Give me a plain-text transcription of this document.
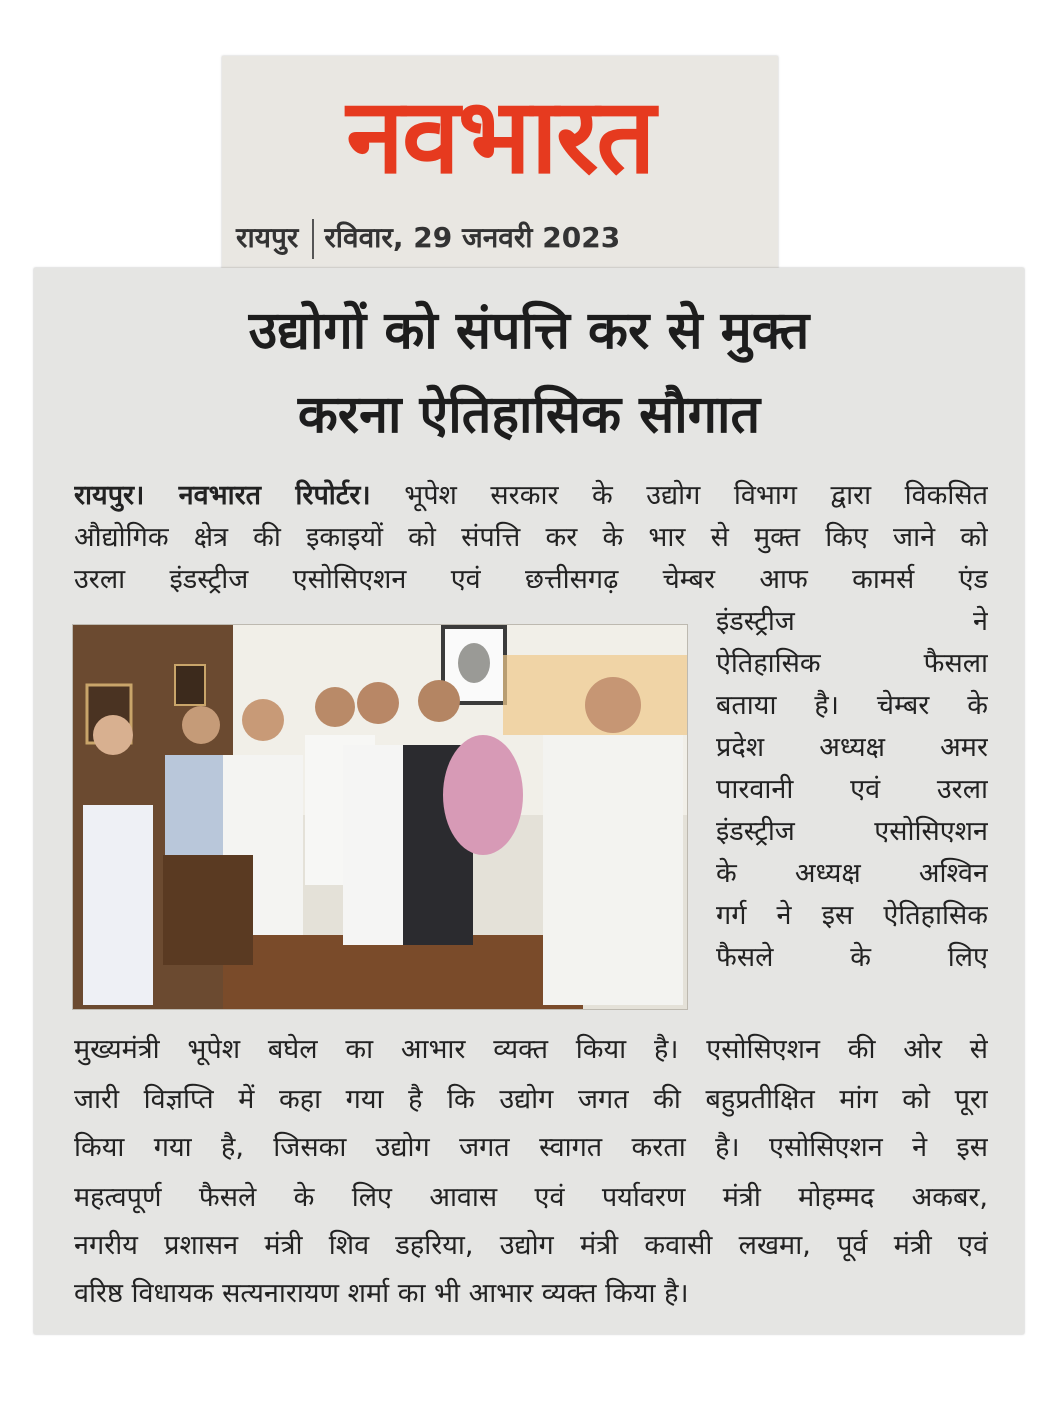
नवभारत
रायपुर रविवार, 29 जनवरी 2023
उद्योगों को संपत्ति कर से मुक्त
करना ऐतिहासिक सौगात
रायपुर। नवभारत रिपोर्टर। भूपेश सरकार के उद्योग विभाग द्वारा विकसित
औद्योगिक क्षेत्र की इकाइयों को संपत्ति कर के भार से मुक्त किए जाने को
उरला इंडस्ट्रीज एसोसिएशन एवं छत्तीसगढ़ चेम्बर आफ कामर्स एंड
इंडस्ट्रीज ने
ऐतिहासिक फैसला
बताया है। चेम्बर के
प्रदेश अध्यक्ष अमर
पारवानी एवं उरला
इंडस्ट्रीज एसोसिएशन
के अध्यक्ष अश्विन
गर्ग ने इस ऐतिहासिक
फैसले के लिए
मुख्यमंत्री भूपेश बघेल का आभार व्यक्त किया है। एसोसिएशन की ओर से
जारी विज्ञप्ति में कहा गया है कि उद्योग जगत की बहुप्रतीक्षित मांग को पूरा
किया गया है, जिसका उद्योग जगत स्वागत करता है। एसोसिएशन ने इस
महत्वपूर्ण फैसले के लिए आवास एवं पर्यावरण मंत्री मोहम्मद अकबर,
नगरीय प्रशासन मंत्री शिव डहरिया, उद्योग मंत्री कवासी लखमा, पूर्व मंत्री एवं
वरिष्ठ विधायक सत्यनारायण शर्मा का भी आभार व्यक्त किया है।
